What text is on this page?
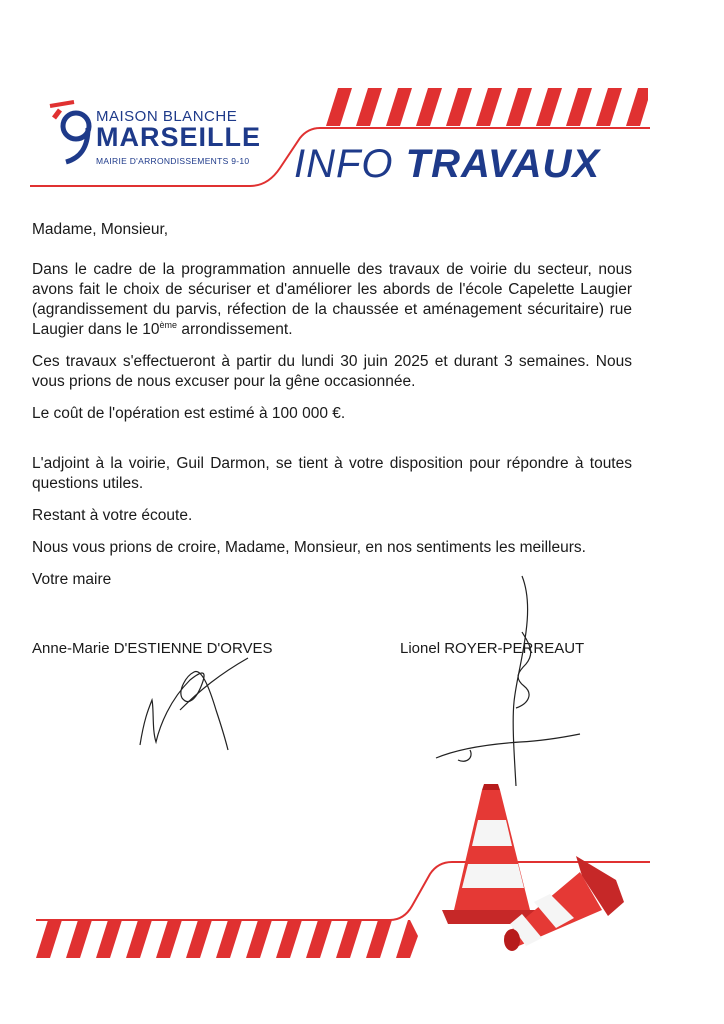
MAISON BLANCHE
MARSEILLE
MAIRIE D'ARRONDISSEMENTS 9-10 INFO TRAVAUX

Madame, Monsieur,

Dans le cadre de la programmation annuelle des travaux de voirie du secteur, nous avons fait le choix de sécuriser et d'améliorer les abords de l'école Capelette Laugier (agrandissement du parvis, réfection de la chaussée et aménagement sécuritaire) rue Laugier dans le 10ème arrondissement.

Ces travaux s'effectueront à partir du lundi 30 juin 2025 et durant 3 semaines. Nous vous prions de nous excuser pour la gêne occasionnée.

Le coût de l'opération est estimé à 100 000 €.

L'adjoint à la voirie, Guil Darmon, se tient à votre disposition pour répondre à toutes questions utiles.

Restant à votre écoute.

Nous vous prions de croire, Madame, Monsieur, en nos sentiments les meilleurs.

Votre maire

Anne-Marie D'ESTIENNE D'ORVES	Lionel ROYER-PERREAUT
